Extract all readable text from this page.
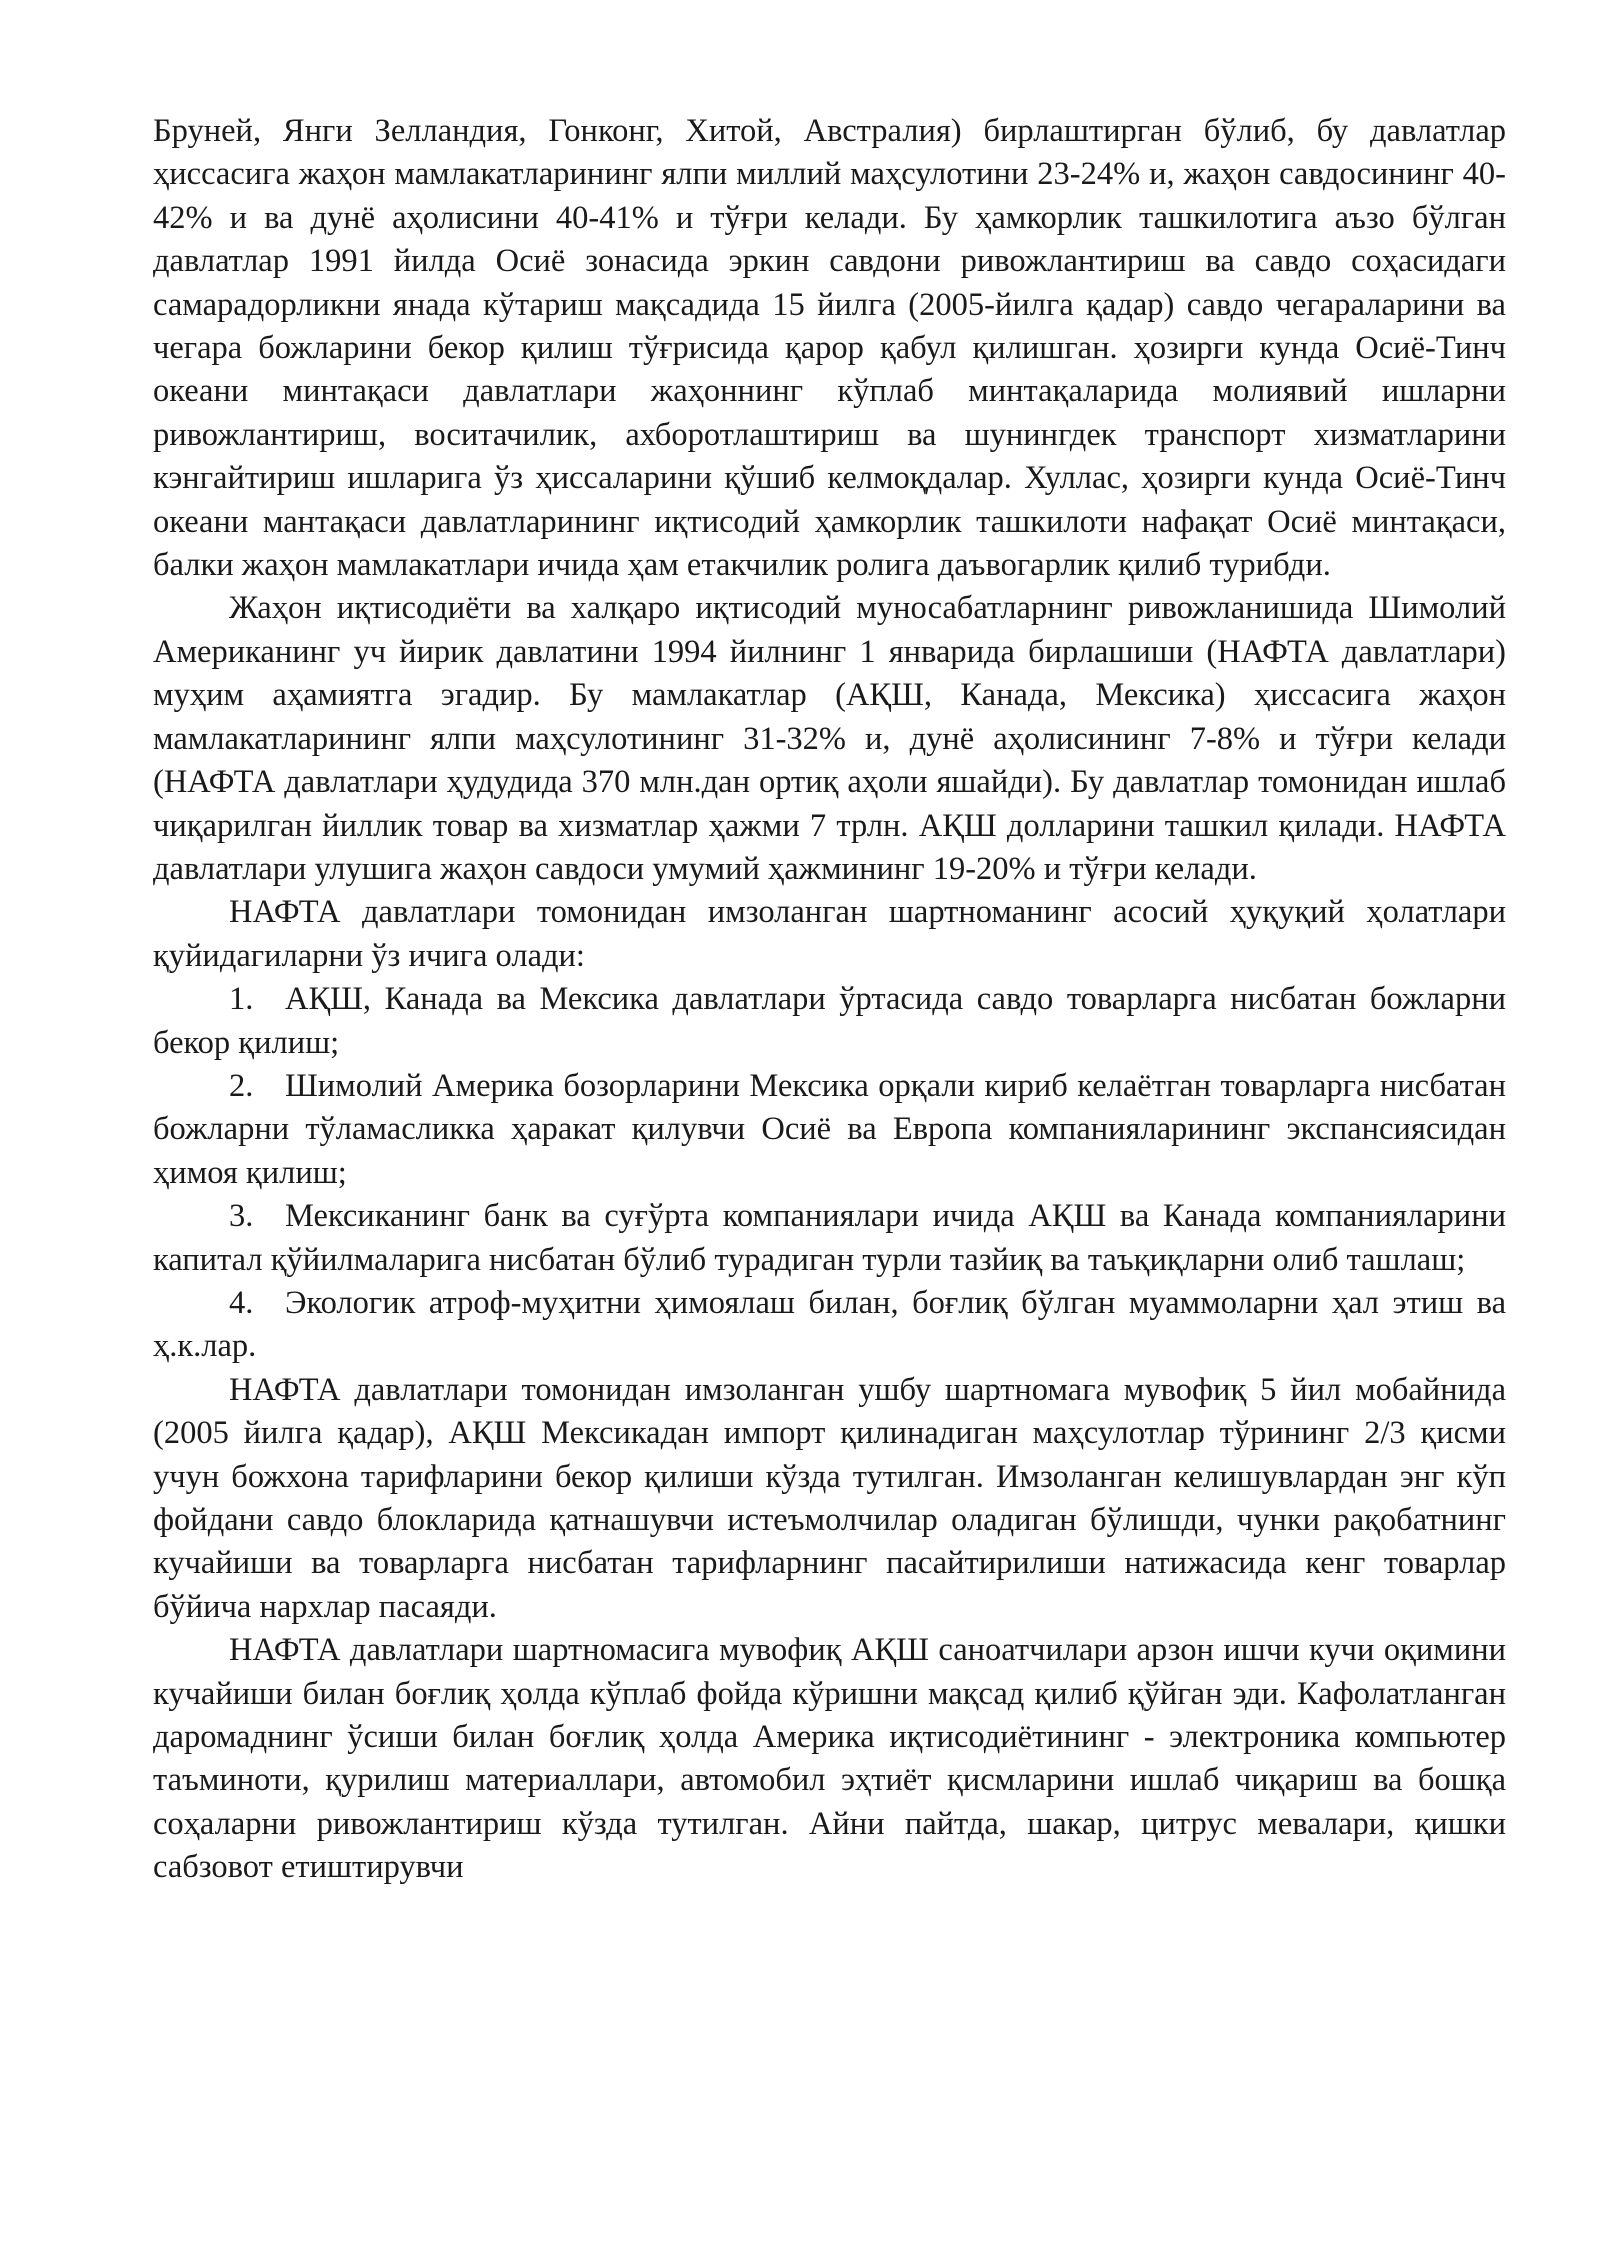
Бруней, Янги Зелландия, Гонконг, Хитой, Австралия) бирлаштирган бўлиб, бу давлатлар ҳиссасига жаҳон мамлакатларининг ялпи миллий маҳсулотини 23-24% и, жаҳон савдосининг 40-42% и ва дунё аҳолисини 40-41% и тўғри келади. Бу ҳамкорлик ташкилотига аъзо бўлган давлатлар 1991 йилда Осиё зонасида эркин савдони ривожлантириш ва савдо соҳасидаги самарадорликни янада кўтариш мақсадида 15 йилга (2005-йилга қадар) савдо чегараларини ва чегара божларини бекор қилиш тўғрисида қарор қабул қилишган. ҳозирги кунда Осиё-Тинч океани минтақаси давлатлари жаҳоннинг кўплаб минтақаларида молиявий ишларни ривожлантириш, воситачилик, ахборотлаштириш ва шунингдек транспорт хизматларини кэнгайтириш ишларига ўз ҳиссаларини қўшиб келмоқдалар. Хуллас, ҳозирги кунда Осиё-Тинч океани мантақаси давлатларининг иқтисодий ҳамкорлик ташкилоти нафақат Осиё минтақаси, балки жаҳон мамлакатлари ичида ҳам етакчилик ролига даъвогарлик қилиб турибди.

Жаҳон иқтисодиёти ва халқаро иқтисодий муносабатларнинг ривожланишида Шимолий Американинг уч йирик давлатини 1994 йилнинг 1 январида бирлашиши (НАФТА давлатлари) муҳим аҳамиятга эгадир. Бу мамлакатлар (АҚШ, Канада, Мексика) ҳиссасига жаҳон мамлакатларининг ялпи маҳсулотининг 31-32% и, дунё аҳолисининг 7-8% и тўғри келади (НАФТА давлатлари ҳудудида 370 млн.дан ортиқ аҳоли яшайди). Бу давлатлар томонидан ишлаб чиқарилган йиллик товар ва хизматлар ҳажми 7 трлн. АҚШ долларини ташкил қилади. НАФТА давлатлари улушига жаҳон савдоси умумий ҳажмининг 19-20% и тўғри келади.

НАФТА давлатлари томонидан имзоланган шартноманинг асосий ҳуқуқий ҳолатлари қуйидагиларни ўз ичига олади:

1. АҚШ, Канада ва Мексика давлатлари ўртасида савдо товарларга нисбатан божларни бекор қилиш;

2. Шимолий Америка бозорларини Мексика орқали кириб келаётган товарларга нисбатан божларни тўламасликка ҳаракат қилувчи Осиё ва Европа компанияларининг экспансиясидан ҳимоя қилиш;

3. Мексиканинг банк ва суғўрта компаниялари ичида АҚШ ва Канада компанияларини капитал қўйилмаларига нисбатан бўлиб турадиган турли тазйиқ ва таъқиқларни олиб ташлаш;

4. Экологик атроф-муҳитни ҳимоялаш билан, боғлиқ бўлган муаммоларни ҳал этиш ва ҳ.к.лар.

НАФТА давлатлари томонидан имзоланган ушбу шартномага мувофиқ 5 йил мобайнида (2005 йилга қадар), АҚШ Мексикадан импорт қилинадиган маҳсулотлар тўрининг 2/3 қисми учун божхона тарифларини бекор қилиши кўзда тутилган. Имзоланган келишувлардан энг кўп фойдани савдо блокларида қатнашувчи истеъмолчилар оладиган бўлишди, чунки рақобатнинг кучайиши ва товарларга нисбатан тарифларнинг пасайтирилиши натижасида кенг товарлар бўйича нархлар пасаяди.

НАФТА давлатлари шартномасига мувофиқ АҚШ саноатчилари арзон ишчи кучи оқимини кучайиши билан боғлиқ ҳолда кўплаб фойда кўришни мақсад қилиб қўйган эди. Кафолатланган даромаднинг ўсиши билан боғлиқ ҳолда Америка иқтисодиётининг - электроника компьютер таъминоти, қурилиш материаллари, автомобил эҳтиёт қисмларини ишлаб чиқариш ва бошқа соҳаларни ривожлантириш кўзда тутилган. Айни пайтда, шакар, цитрус мевалари, қишки сабзовот етиштирувчи
